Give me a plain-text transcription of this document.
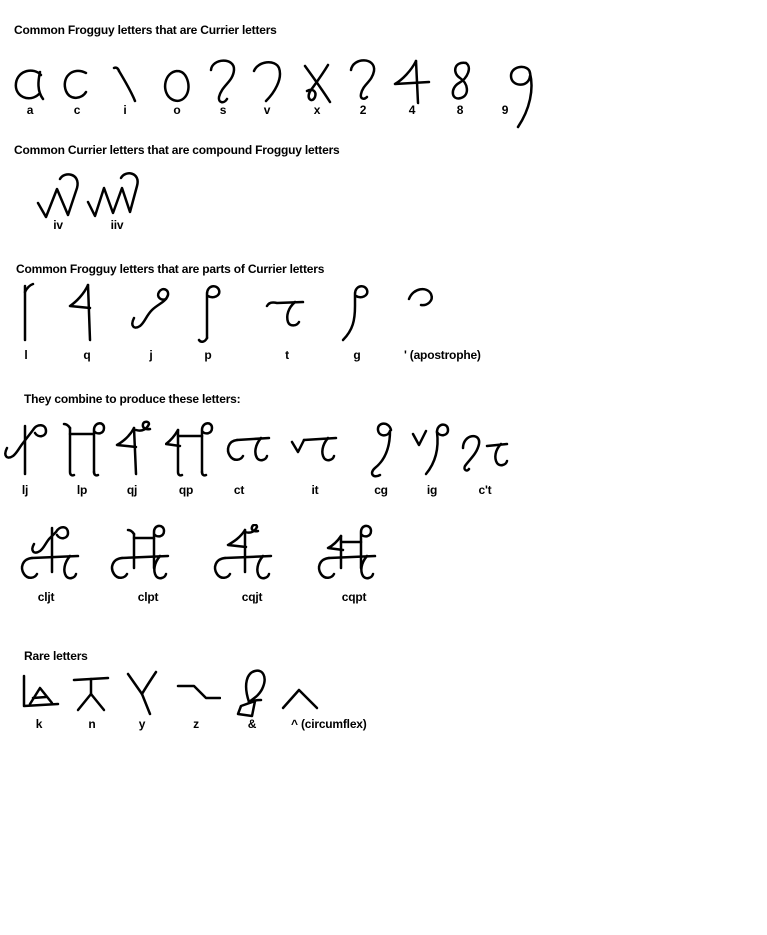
Common Frogguy letters that are Currier letters
a	c	i	o	s	v	x	2	4	8	9
Common Currier letters that are compound Frogguy letters
iv	iiv
Common Frogguy letters that are parts of Currier letters
l	q	j	p	t	g	' (apostrophe)
They combine to produce these letters:
lj	lp	qj	qp	ct	it	cg	ig	c't
cljt	clpt	cqjt	cqpt
Rare letters
k	n	y	z	&	^ (circumflex)
